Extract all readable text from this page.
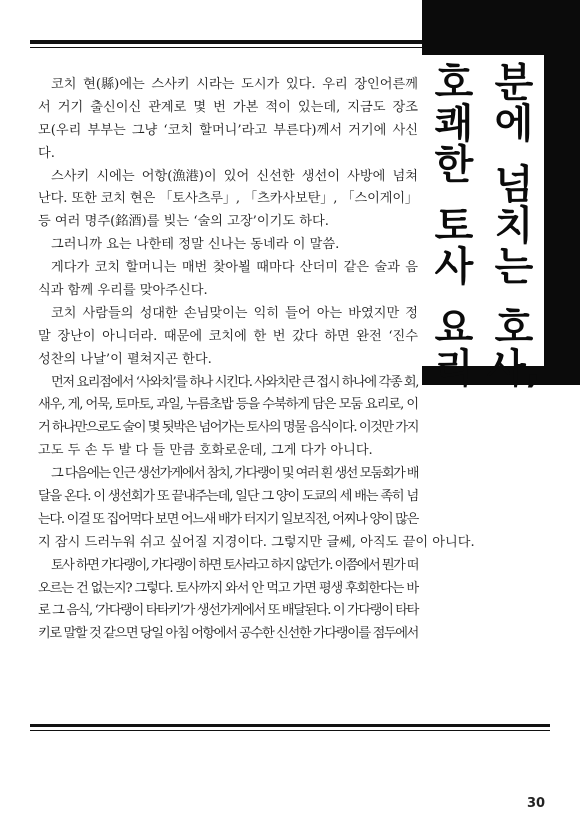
분
에
넘
치
는
호
사,
호
쾌
한
토
사
요
리
코치 현(縣)에는 스사키 시라는 도시가 있다. 우리 장인어른께
서 거기 출신이신 관계로 몇 번 가본 적이 있는데, 지금도 장조
모(우리 부부는 그냥 ‘코치 할머니’라고 부른다)께서 거기에 사신
다.
스사키 시에는 어항(漁港)이 있어 신선한 생선이 사방에 넘쳐
난다. 또한 코치 현은 「토사츠루」, 「츠카사보탄」, 「스이게이」
등 여러 명주(銘酒)를 빚는 ‘술의 고장’이기도 하다.
그러니까 요는 나한테 정말 신나는 동네라 이 말씀.
게다가 코치 할머니는 매번 찾아뵐 때마다 산더미 같은 술과 음
식과 함께 우리를 맞아주신다.
코치 사람들의 성대한 손님맞이는 익히 들어 아는 바였지만 정
말 장난이 아니더라. 때문에 코치에 한 번 갔다 하면 완전 ‘진수
성찬의 나날’이 펼쳐지곤 한다.
먼저 요리점에서 ‘사와치’를 하나 시킨다. 사와치란 큰 접시 하나에 각종 회,
새우, 게, 어묵, 토마토, 과일, 누름초밥 등을 수북하게 담은 모둠 요리로, 이
거 하나만으로도 술이 몇 됫박은 넘어가는 토사의 명물 음식이다. 이것만 가지
고도 두 손 두 발 다 들 만큼 호화로운데, 그게 다가 아니다.
그 다음에는 인근 생선가게에서 참치, 가다랭이 및 여러 흰 생선 모둠회가 배
달을 온다. 이 생선회가 또 끝내주는데, 일단 그 양이 도쿄의 세 배는 족히 넘
는다. 이걸 또 집어먹다 보면 어느새 배가 터지기 일보직전, 어찌나 양이 많은
지 잠시 드러누워 쉬고 싶어질 지경이다. 그렇지만 글쎄, 아직도 끝이 아니다.
토사 하면 가다랭이, 가다랭이 하면 토사라고 하지 않던가. 이쯤에서 뭔가 떠
오르는 건 없는지? 그렇다. 토사까지 와서 안 먹고 가면 평생 후회한다는 바
로 그 음식, ‘가다랭이 타타키’가 생선가게에서 또 배달된다. 이 가다랭이 타타
키로 말할 것 같으면 당일 아침 어항에서 공수한 신선한 가다랭이를 점두에서
30
